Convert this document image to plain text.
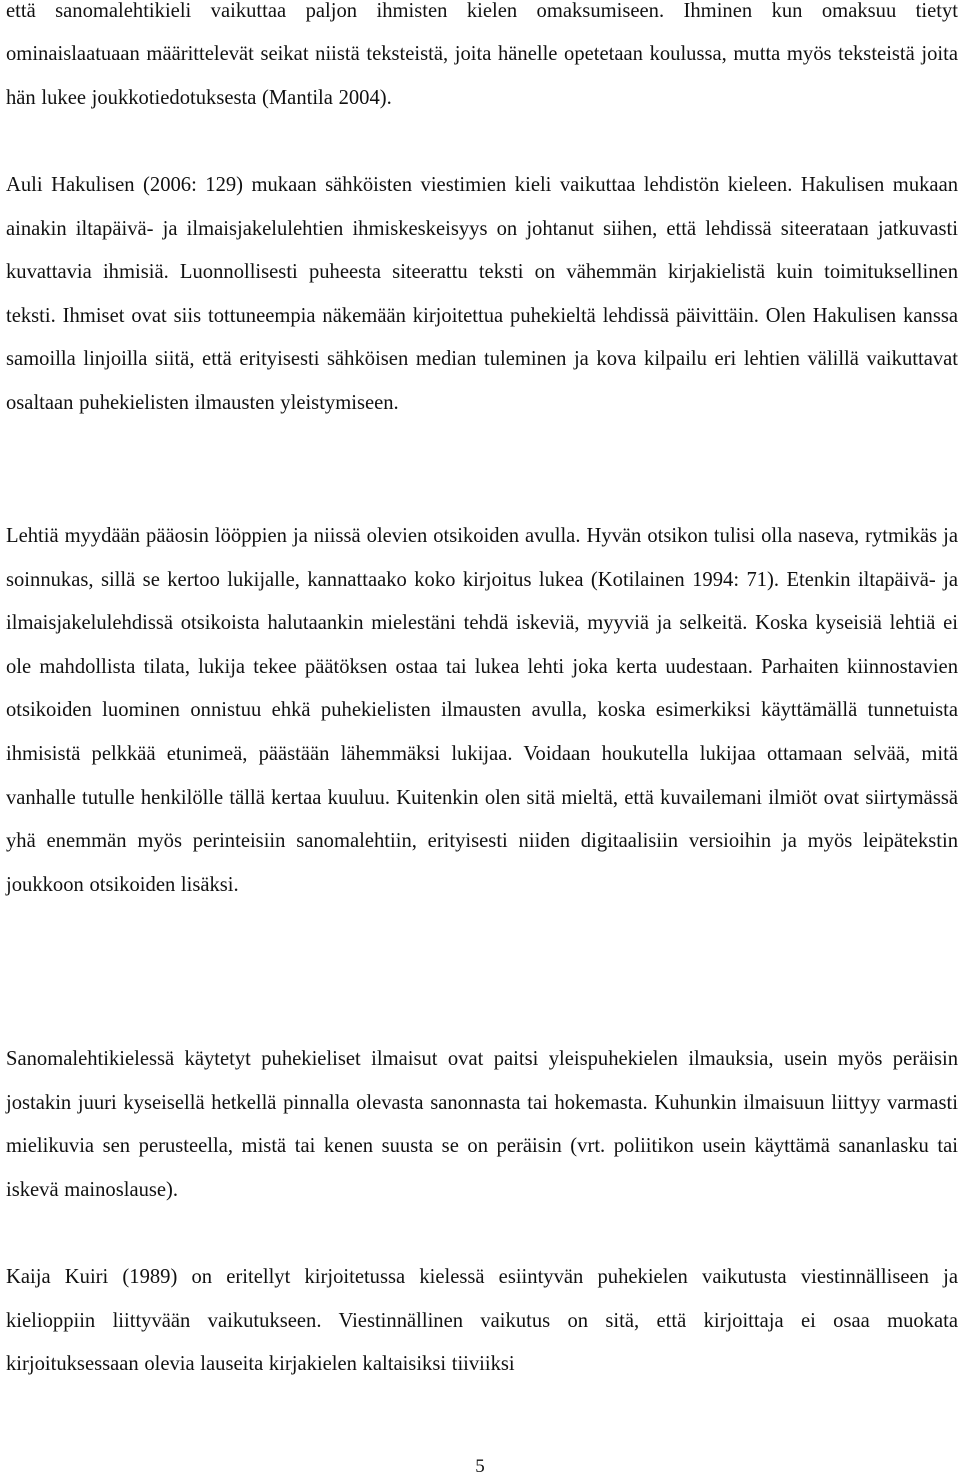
että sanomalehtikieli vaikuttaa paljon ihmisten kielen omaksumiseen. Ihminen kun omaksuu tietyt ominaislaatuaan määrittelevät seikat niistä teksteistä, joita hänelle opetetaan koulussa, mutta myös teksteistä joita hän lukee joukkotiedotuksesta (Mantila 2004).

Auli Hakulisen (2006: 129) mukaan sähköisten viestimien kieli vaikuttaa lehdistön kieleen. Hakulisen mukaan ainakin iltapäivä- ja ilmaisjakelulehtien ihmiskeskeisyys on johtanut siihen, että lehdissä siteerataan jatkuvasti kuvattavia ihmisiä. Luonnollisesti puheesta siteerattu teksti on vähemmän kirjakielistä kuin toimituksellinen teksti. Ihmiset ovat siis tottuneempia näkemään kirjoitettua puhekieltä lehdissä päivittäin. Olen Hakulisen kanssa samoilla linjoilla siitä, että erityisesti sähköisen median tuleminen ja kova kilpailu eri lehtien välillä vaikuttavat osaltaan puhekielisten ilmausten yleistymiseen.

Lehtiä myydään pääosin lööppien ja niissä olevien otsikoiden avulla. Hyvän otsikon tulisi olla naseva, rytmikäs ja soinnukas, sillä se kertoo lukijalle, kannattaako koko kirjoitus lukea (Kotilainen 1994: 71). Etenkin iltapäivä- ja ilmaisjakelulehdissä otsikoista halutaankin mielestäni tehdä iskeviä, myyviä ja selkeitä. Koska kyseisiä lehtiä ei ole mahdollista tilata, lukija tekee päätöksen ostaa tai lukea lehti joka kerta uudestaan. Parhaiten kiinnostavien otsikoiden luominen onnistuu ehkä puhekielisten ilmausten avulla, koska esimerkiksi käyttämällä tunnetuista ihmisistä pelkkää etunimeä, päästään lähemmäksi lukijaa. Voidaan houkutella lukijaa ottamaan selvää, mitä vanhalle tutulle henkilölle tällä kertaa kuuluu. Kuitenkin olen sitä mieltä, että kuvailemani ilmiöt ovat siirtymässä yhä enemmän myös perinteisiin sanomalehtiin, erityisesti niiden digitaalisiin versioihin ja myös leipätekstin joukkoon otsikoiden lisäksi.

Sanomalehtikielessä käytetyt puhekieliset ilmaisut ovat paitsi yleispuhekielen ilmauksia, usein myös peräisin jostakin juuri kyseisellä hetkellä pinnalla olevasta sanonnasta tai hokemasta. Kuhunkin ilmaisuun liittyy varmasti mielikuvia sen perusteella, mistä tai kenen suusta se on peräisin (vrt. poliitikon usein käyttämä sananlasku tai iskevä mainoslause).

Kaija Kuiri (1989) on eritellyt kirjoitetussa kielessä esiintyvän puhekielen vaikutusta viestinnälliseen ja kielioppiin liittyvään vaikutukseen. Viestinnällinen vaikutus on sitä, että kirjoittaja ei osaa muokata kirjoituksessaan olevia lauseita kirjakielen kaltaisiksi tiiviiksi

5
